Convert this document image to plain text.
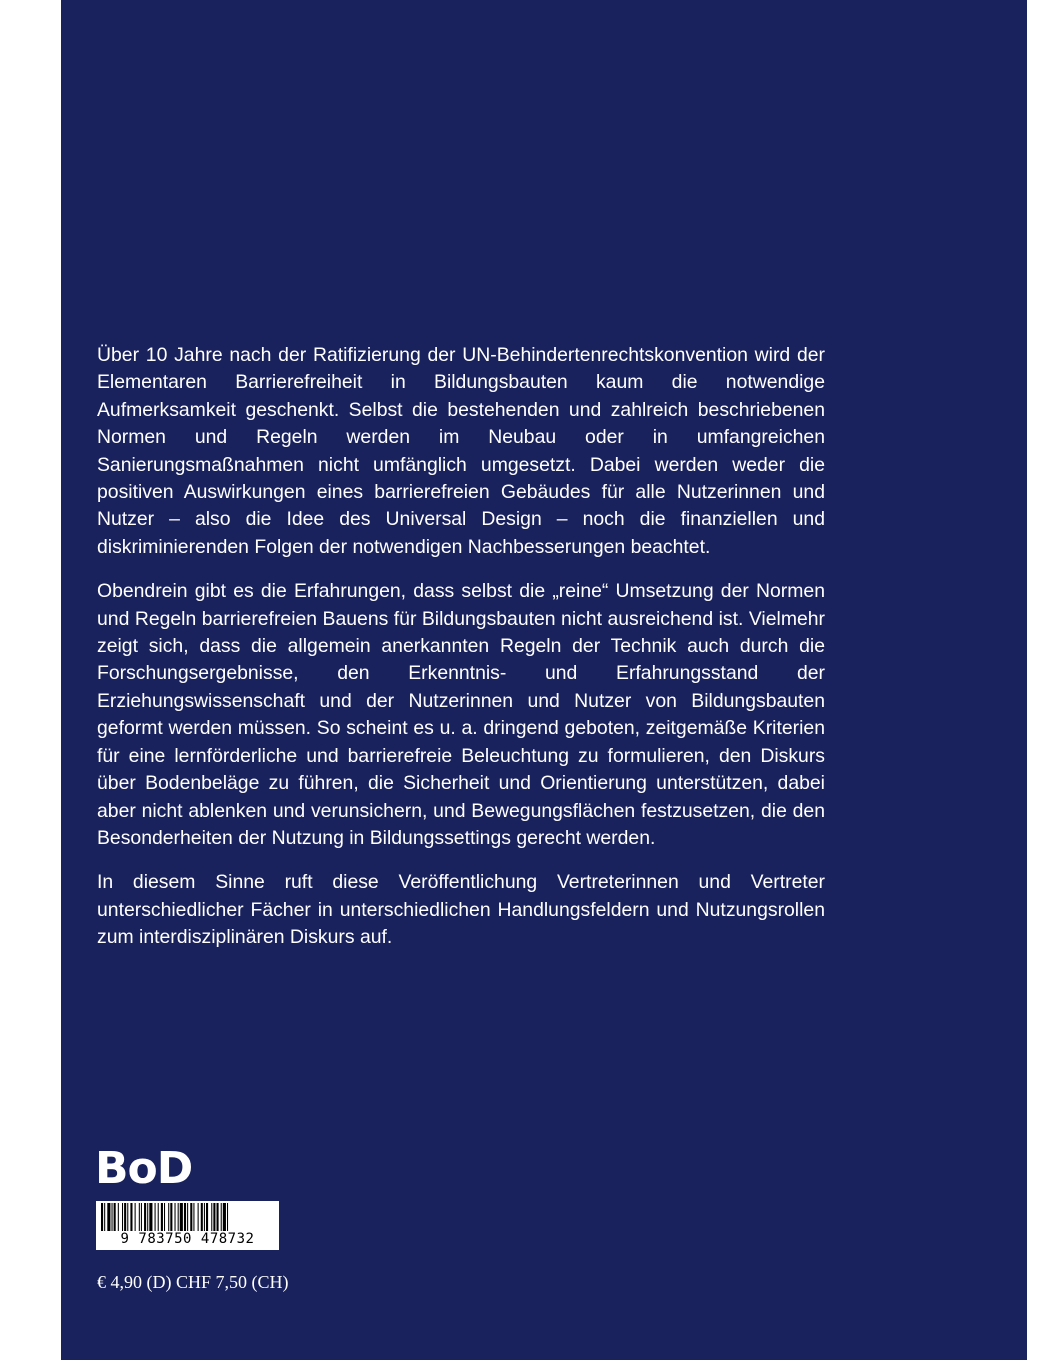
Über 10 Jahre nach der Ratifizierung der UN-Behindertenrechtskonvention wird der Elementaren Barrierefreiheit in Bildungsbauten kaum die notwendige Aufmerksamkeit geschenkt. Selbst die bestehenden und zahlreich beschriebenen Normen und Regeln werden im Neubau oder in umfangreichen Sanierungsmaßnahmen nicht umfänglich umgesetzt. Dabei werden weder die positiven Auswirkungen eines barrierefreien Gebäudes für alle Nutzerinnen und Nutzer – also die Idee des Universal Design – noch die finanziellen und diskriminierenden Folgen der notwendigen Nachbesserungen beachtet.

Obendrein gibt es die Erfahrungen, dass selbst die „reine“ Umsetzung der Normen und Regeln barrierefreien Bauens für Bildungsbauten nicht ausreichend ist. Vielmehr zeigt sich, dass die allgemein anerkannten Regeln der Technik auch durch die Forschungsergebnisse, den Erkenntnis- und Erfahrungsstand der Erziehungswissenschaft und der Nutzerinnen und Nutzer von Bildungsbauten geformt werden müssen. So scheint es u. a. dringend geboten, zeitgemäße Kriterien für eine lernförderliche und barrierefreie Beleuchtung zu formulieren, den Diskurs über Bodenbeläge zu führen, die Sicherheit und Orientierung unterstützen, dabei aber nicht ablenken und verunsichern, und Bewegungsflächen festzusetzen, die den Besonderheiten der Nutzung in Bildungssettings gerecht werden.

In diesem Sinne ruft diese Veröffentlichung Vertreterinnen und Vertreter unterschiedlicher Fächer in unterschiedlichen Handlungsfeldern und Nutzungsrollen zum interdisziplinären Diskurs auf.

BoD
9 783750 478732
€ 4,90 (D) CHF 7,50 (CH)
